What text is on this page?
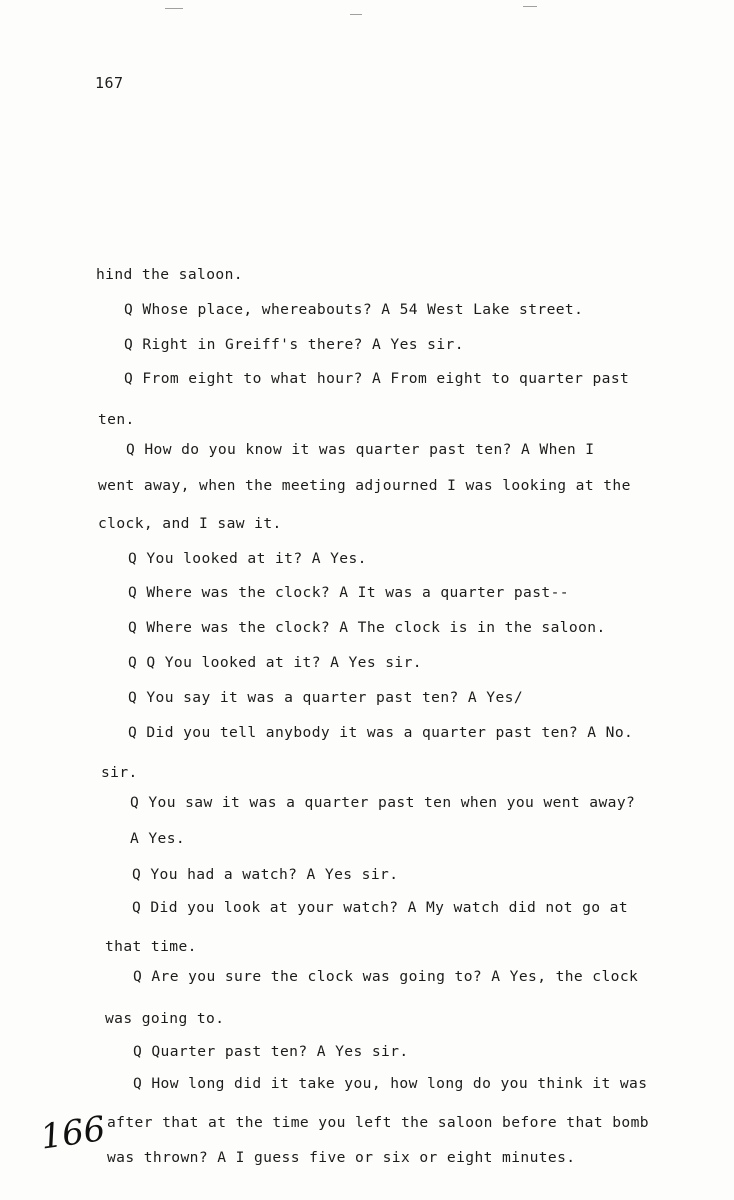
167
hind the saloon.
Q Whose place, whereabouts? A 54 West Lake street.
Q Right in Greiff's there? A Yes sir.
Q From eight to what hour? A From eight to quarter past
ten.
Q How do you know it was quarter past ten? A When I
went away, when the meeting adjourned I was looking at the
clock, and I saw it.
Q You looked at it? A Yes.
Q Where was the clock? A It was a quarter past--
Q Where was the clock? A The clock is in the saloon.
Q Q You looked at it? A Yes sir.
Q You say it was a quarter past ten? A Yes/
Q Did you tell anybody it was a quarter past ten? A No.
sir.
Q You saw it was a quarter past ten when you went away?
A Yes.
Q You had a watch? A Yes sir.
Q Did you look at your watch? A My watch did not go at
that time.
Q Are you sure the clock was going to? A Yes, the clock
was going to.
Q Quarter past ten? A Yes sir.
Q How long did it take you, how long do you think it was
after that at the time you left the saloon before that bomb
was thrown? A I guess five or six or eight minutes.
166
